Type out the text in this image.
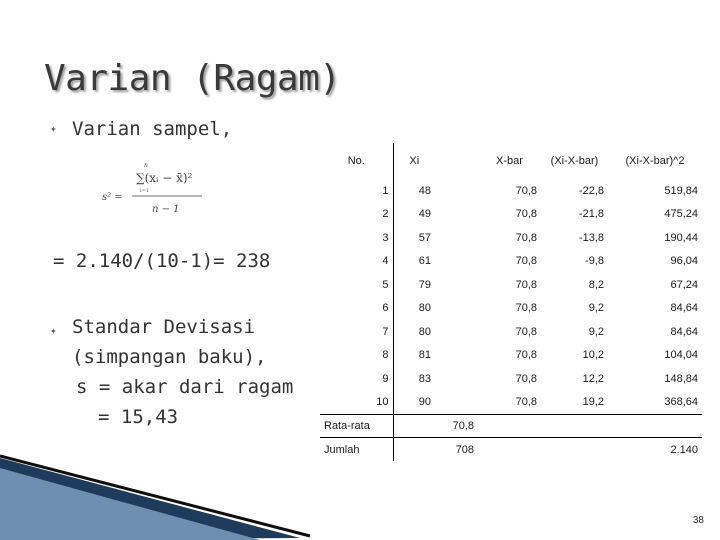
Varian (Ragam)
✦ Varian sampel,
s² =
n
∑(xᵢ − x̄)²
i=1
n − 1
= 2.140/(10-1)= 238
✦ Standar Devisasi
(simpangan baku),
s = akar dari ragam
= 15,43
No.	Xi		X-bar	(Xi-X-bar)	(Xi-X-bar)^2
1	48		70,8	-22,8	519,84
2	49		70,8	-21,8	475,24
3	57		70,8	-13,8	190,44
4	61		70,8	-9,8	96,04
5	79		70,8	8,2	67,24
6	80		70,8	9,2	84,64
7	80		70,8	9,2	84,64
8	81		70,8	10,2	104,04
9	83		70,8	12,2	148,84
10	90		70,8	19,2	368,64
Rata-rata		70,8			
Jumlah		708			2.140
38
